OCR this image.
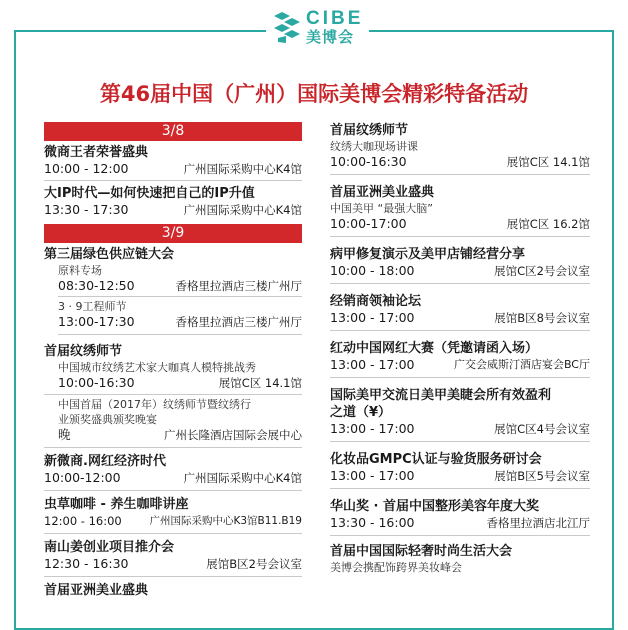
CIBE
美博会
第46届中国（广州）国际美博会精彩特备活动
3/8
微商王者荣誉盛典
10:00 - 12:00	广州国际采购中心K4馆
大IP时代—如何快速把自己的IP升值
13:30 - 17:30	广州国际采购中心K4馆
3/9
第三届绿色供应链大会
原料专场
08:30-12:50	香格里拉酒店三楼广州厅
3 · 9工程师节
13:00-17:30	香格里拉酒店三楼广州厅
首届纹绣师节
中国城市纹绣艺术家大咖真人模特挑战秀
10:00-16:30	展馆C区 14.1馆
中国首届（2017年）纹绣师节暨纹绣行
业颁奖盛典颁奖晚宴
晚	广州长隆酒店国际会展中心
新微商.网红经济时代
10:00-12:00	广州国际采购中心K4馆
虫草咖啡 - 养生咖啡讲座
12:00 - 16:00	广州国际采购中心K3馆B11.B19
南山姜创业项目推介会
12:30 - 16:30	展馆B区2号会议室
首届亚洲美业盛典
首届纹绣师节
纹绣大咖现场讲课
10:00-16:30	展馆C区 14.1馆
首届亚洲美业盛典
中国美甲 “最强大脑”
10:00-17:00	展馆C区 16.2馆
病甲修复演示及美甲店铺经营分享
10:00 - 18:00	展馆C区2号会议室
经销商领袖论坛
13:00 - 17:00	展馆B区8号会议室
红动中国网红大赛（凭邀请函入场）
13:00 - 17:00	广交会威斯汀酒店宴会BC厅
国际美甲交流日美甲美睫会所有效盈利
之道（¥）
13:00 - 17:00	展馆C区4号会议室
化妆品GMPC认证与验货服务研讨会
13:00 - 17:00	展馆B区5号会议室
华山奖 · 首届中国整形美容年度大奖
13:30 - 16:00	香格里拉酒店北江厅
首届中国国际轻奢时尚生活大会
美博会携配饰跨界美妆峰会
